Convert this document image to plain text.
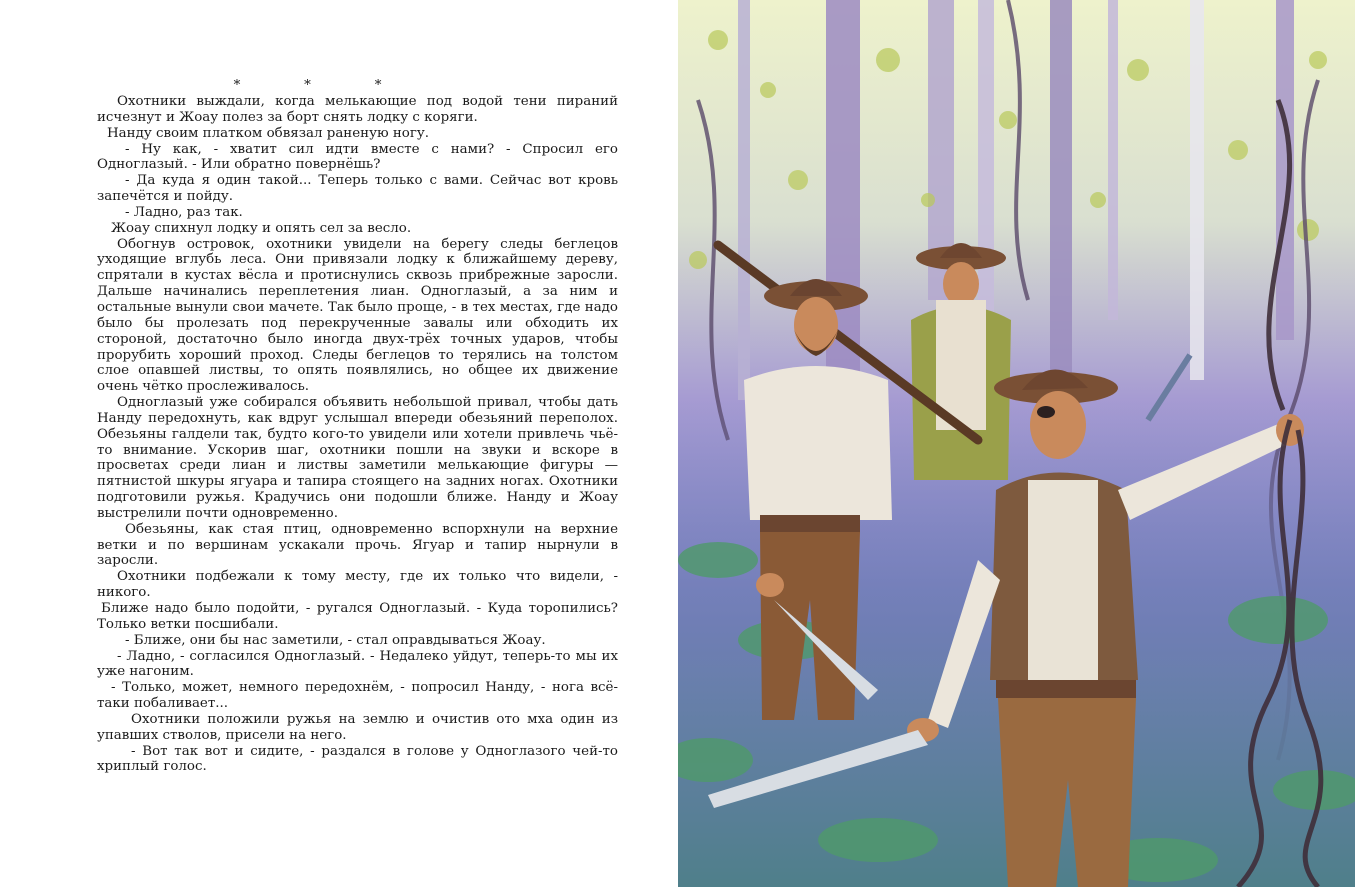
*               *               *

Охотники выждали, когда мелькающие под водой тени пираний исчезнут и Жоау полез за борт снять лодку с коряги.

Нанду своим платком обвязал раненую ногу.

- Ну как, - хватит сил идти вместе с нами? - Спросил его Одноглазый. - Или обратно повернёшь?

- Да куда я один такой... Теперь только с вами. Сейчас вот кровь запечётся и пойду.

- Ладно, раз так.

Жоау спихнул лодку и опять сел за весло.

Обогнув островок, охотники увидели на берегу следы беглецов уходящие вглубь леса. Они привязали лодку к ближайшему дереву, спрятали в кустах вёсла и протиснулись сквозь прибрежные заросли. Дальше начинались переплетения лиан. Одноглазый, а за ним и остальные вынули свои мачете. Так было проще, - в тех местах, где надо было бы пролезать под перекрученные завалы или обходить их стороной, достаточно было иногда двух-трёх точных ударов, чтобы прорубить хороший проход. Следы беглецов то терялись на толстом слое опавшей листвы, то опять появлялись, но общее их движение очень чётко прослеживалось.

Одноглазый уже собирался объявить небольшой привал, чтобы дать Нанду передохнуть, как вдруг услышал впереди обезьяний переполох. Обезьяны галдели так, будто кого-то увидели или хотели привлечь чьё-то внимание. Ускорив шаг, охотники пошли на звуки и вскоре в просветах среди лиан и листвы заметили мелькающие фигуры — пятнистой шкуры ягуара и тапира стоящего на задних ногах. Охотники подготовили ружья. Крадучись они подошли ближе. Нанду и Жоау выстрелили почти одновременно.

Обезьяны, как стая птиц, одновременно вспорхнули на верхние ветки и по вершинам ускакали прочь. Ягуар и тапир нырнули в заросли.

Охотники подбежали к тому месту, где их только что видели, - никого.

Ближе надо было подойти, - ругался Одноглазый. - Куда торопились? Только ветки посшибали.

- Ближе, они бы нас заметили, - стал оправдываться Жоау.

- Ладно, - согласился Одноглазый. - Недалеко уйдут, теперь-то мы их уже нагоним.

- Только, может, немного передохнём, - попросил Нанду, - нога всё-таки побаливает...

Охотники положили ружья на землю и очистив ото мха один из упавших стволов, присели на него.

- Вот так вот и сидите, - раздался в голове у Одноглазого чей-то хриплый голос.
